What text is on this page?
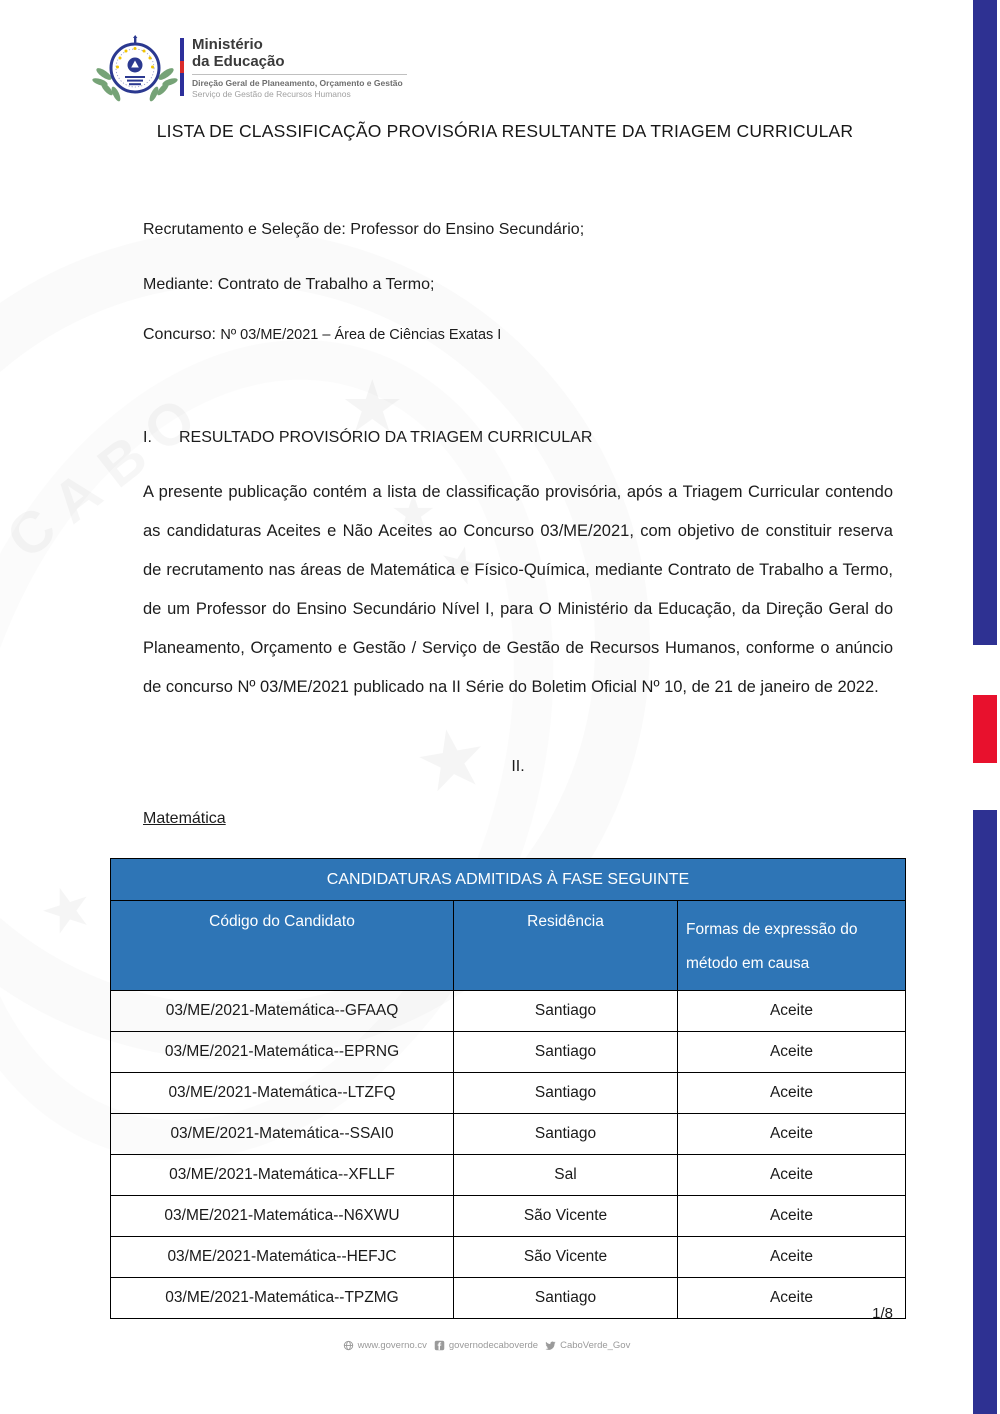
Ministério
da Educação
Direção Geral de Planeamento, Orçamento e Gestão
Serviço de Gestão de Recursos Humanos
LISTA DE CLASSIFICAÇÃO PROVISÓRIA RESULTANTE DA TRIAGEM CURRICULAR
Recrutamento e Seleção de: Professor do Ensino Secundário;
Mediante: Contrato de Trabalho a Termo;
Concurso: Nº 03/ME/2021 – Área de Ciências Exatas I
I. RESULTADO PROVISÓRIO DA TRIAGEM CURRICULAR
A presente publicação contém a lista de classificação provisória, após a Triagem Curricular contendo as candidaturas Aceites e Não Aceites ao Concurso 03/ME/2021, com objetivo de constituir reserva de recrutamento nas áreas de Matemática e Físico-Química, mediante Contrato de Trabalho a Termo, de um Professor do Ensino Secundário Nível I, para O Ministério da Educação, da Direção Geral do Planeamento, Orçamento e Gestão / Serviço de Gestão de Recursos Humanos, conforme o anúncio de concurso Nº 03/ME/2021 publicado na II Série do Boletim Oficial Nº 10, de 21 de janeiro de 2022.
II.
Matemática
CANDIDATURAS ADMITIDAS À FASE SEGUINTE		
Código do Candidato	Residência	Formas de expressão do método em causa
03/ME/2021-Matemática--GFAAQ	Santiago	Aceite
03/ME/2021-Matemática--EPRNG	Santiago	Aceite
03/ME/2021-Matemática--LTZFQ	Santiago	Aceite
03/ME/2021-Matemática--SSAI0	Santiago	Aceite
03/ME/2021-Matemática--XFLLF	Sal	Aceite
03/ME/2021-Matemática--N6XWU	São Vicente	Aceite
03/ME/2021-Matemática--HEFJC	São Vicente	Aceite
03/ME/2021-Matemática--TPZMG	Santiago	Aceite
1/8
www.governo.cv governodecaboverde CaboVerde_Gov
